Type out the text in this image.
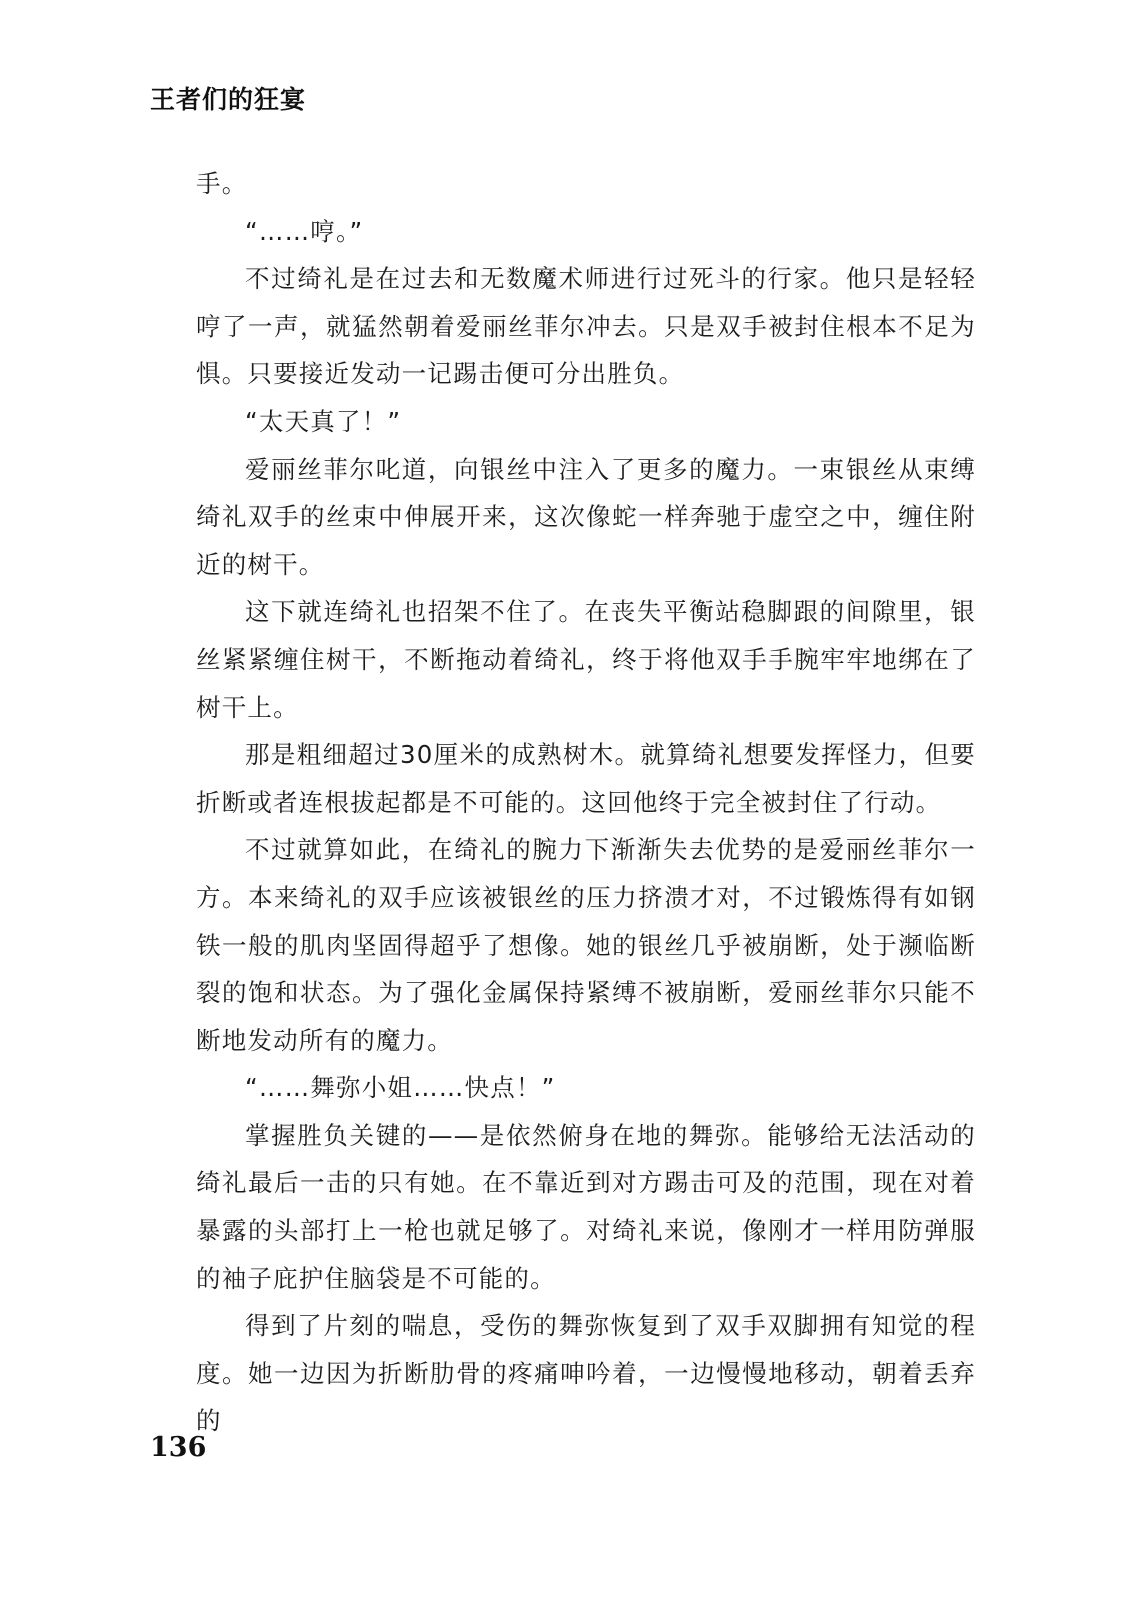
王者们的狂宴

手。

“……哼。”

不过绮礼是在过去和无数魔术师进行过死斗的行家。他只是轻轻哼了一声，就猛然朝着爱丽丝菲尔冲去。只是双手被封住根本不足为惧。只要接近发动一记踢击便可分出胜负。

“太天真了！”

爱丽丝菲尔叱道，向银丝中注入了更多的魔力。一束银丝从束缚绮礼双手的丝束中伸展开来，这次像蛇一样奔驰于虚空之中，缠住附近的树干。

这下就连绮礼也招架不住了。在丧失平衡站稳脚跟的间隙里，银丝紧紧缠住树干，不断拖动着绮礼，终于将他双手手腕牢牢地绑在了树干上。

那是粗细超过30厘米的成熟树木。就算绮礼想要发挥怪力，但要折断或者连根拔起都是不可能的。这回他终于完全被封住了行动。

不过就算如此，在绮礼的腕力下渐渐失去优势的是爱丽丝菲尔一方。本来绮礼的双手应该被银丝的压力挤溃才对，不过锻炼得有如钢铁一般的肌肉坚固得超乎了想像。她的银丝几乎被崩断，处于濒临断裂的饱和状态。为了强化金属保持紧缚不被崩断，爱丽丝菲尔只能不断地发动所有的魔力。

“……舞弥小姐……快点！”

掌握胜负关键的——是依然俯身在地的舞弥。能够给无法活动的绮礼最后一击的只有她。在不靠近到对方踢击可及的范围，现在对着暴露的头部打上一枪也就足够了。对绮礼来说，像刚才一样用防弹服的袖子庇护住脑袋是不可能的。

得到了片刻的喘息，受伤的舞弥恢复到了双手双脚拥有知觉的程度。她一边因为折断肋骨的疼痛呻吟着，一边慢慢地移动，朝着丢弃的

136
